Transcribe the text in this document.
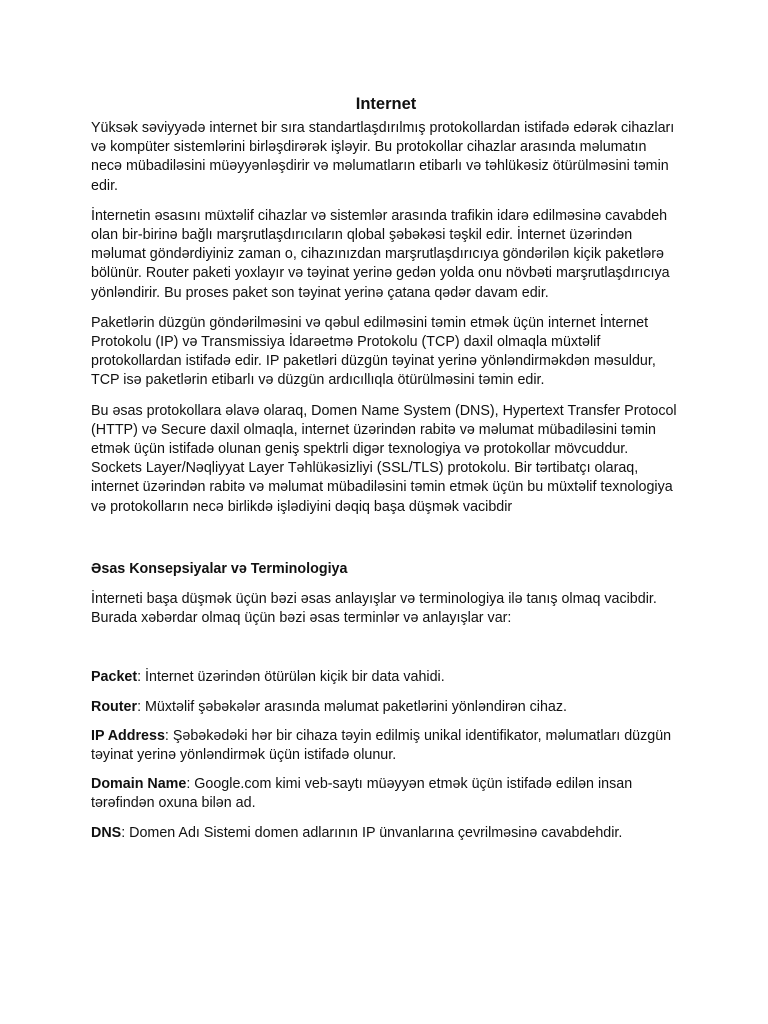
Internet

Yüksək səviyyədə internet bir sıra standartlaşdırılmış protokollardan istifadə edərək cihazları və kompüter sistemlərini birləşdirərək işləyir. Bu protokollar cihazlar arasında məlumatın necə mübadiləsini müəyyənləşdirir və məlumatların etibarlı və təhlükəsiz ötürülməsini təmin edir.

İnternetin əsasını müxtəlif cihazlar və sistemlər arasında trafikin idarə edilməsinə cavabdeh olan bir-birinə bağlı marşrutlaşdırıcıların qlobal şəbəkəsi təşkil edir. İnternet üzərindən məlumat göndərdiyiniz zaman o, cihazınızdan marşrutlaşdırıcıya göndərilən kiçik paketlərə bölünür. Router paketi yoxlayır və təyinat yerinə gedən yolda onu növbəti marşrutlaşdırıcıya yönləndirir. Bu proses paket son təyinat yerinə çatana qədər davam edir.

Paketlərin düzgün göndərilməsini və qəbul edilməsini təmin etmək üçün internet İnternet Protokolu (IP) və Transmissiya İdarəetmə Protokolu (TCP) daxil olmaqla müxtəlif protokollardan istifadə edir. IP paketləri düzgün təyinat yerinə yönləndirməkdən məsuldur, TCP isə paketlərin etibarlı və düzgün ardıcıllıqla ötürülməsini təmin edir.

Bu əsas protokollara əlavə olaraq, Domen Name System (DNS), Hypertext Transfer Protocol (HTTP) və Secure daxil olmaqla, internet üzərindən rabitə və məlumat mübadiləsini təmin etmək üçün istifadə olunan geniş spektrli digər texnologiya və protokollar mövcuddur. Sockets Layer/Nəqliyyat Layer Təhlükəsizliyi (SSL/TLS) protokolu. Bir tərtibatçı olaraq, internet üzərindən rabitə və məlumat mübadiləsini təmin etmək üçün bu müxtəlif texnologiya və protokolların necə birlikdə işlədiyini dəqiq başa düşmək vacibdir

Əsas Konsepsiyalar və Terminologiya

İnterneti başa düşmək üçün bəzi əsas anlayışlar və terminologiya ilə tanış olmaq vacibdir. Burada xəbərdar olmaq üçün bəzi əsas terminlər və anlayışlar var:

Packet: İnternet üzərindən ötürülən kiçik bir data vahidi.

Router: Müxtəlif şəbəkələr arasında məlumat paketlərini yönləndirən cihaz.

IP Address: Şəbəkədəki hər bir cihaza təyin edilmiş unikal identifikator, məlumatları düzgün təyinat yerinə yönləndirmək üçün istifadə olunur.

Domain Name: Google.com kimi veb-saytı müəyyən etmək üçün istifadə edilən insan tərəfindən oxuna bilən ad.

DNS: Domen Adı Sistemi domen adlarının IP ünvanlarına çevrilməsinə cavabdehdir.
